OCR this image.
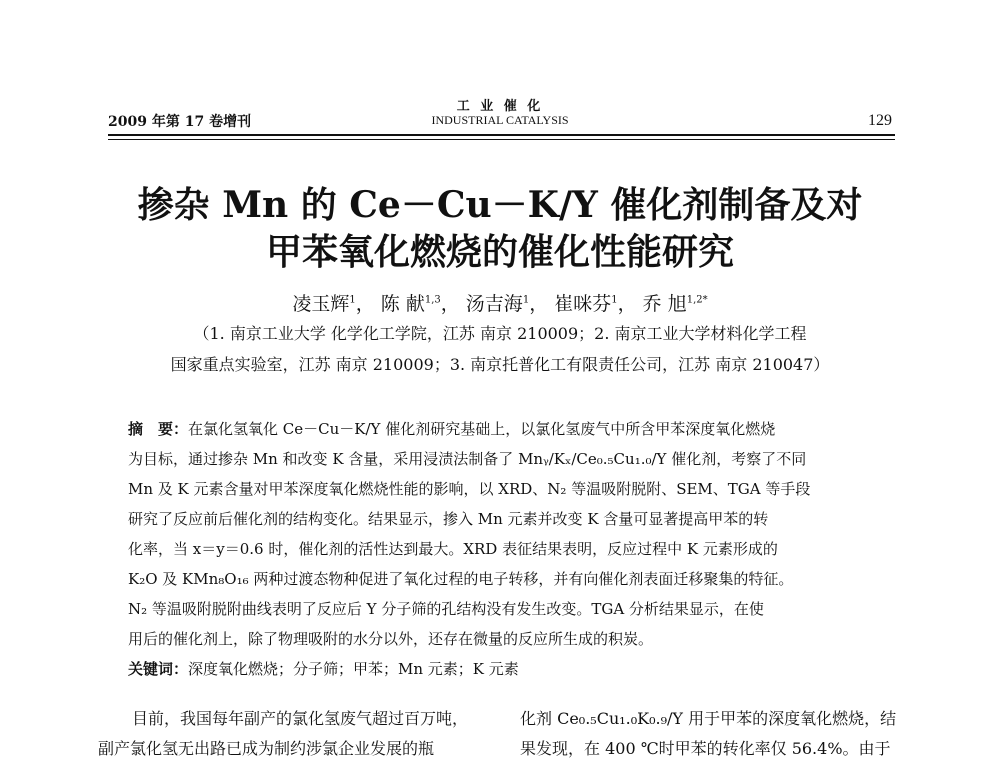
2009 年第 17 卷增刊
工 业 催 化
INDUSTRIAL CATALYSIS	129
掺杂 Mn 的 Ce－Cu－K/Y 催化剂制备及对
甲苯氧化燃烧的催化性能研究
凌玉辉$^1$， 陈 献$^{1,3}$， 汤吉海$^1$， 崔咪芬$^1$， 乔 旭$^{1,2*}$
（1. 南京工业大学 化学化工学院，江苏 南京 210009；2. 南京工业大学材料化学工程
国家重点实验室，江苏 南京 210009；3. 南京托普化工有限责任公司，江苏 南京 210047）

摘　要：在氯化氢氧化 Ce－Cu－K/Y 催化剂研究基础上，以氯化氢废气中所含甲苯深度氧化燃烧

为目标，通过掺杂 Mn 和改变 K 含量，采用浸渍法制备了 Mnᵧ/Kₓ/Ce₀.₅Cu₁.₀/Y 催化剂，考察了不同

Mn 及 K 元素含量对甲苯深度氧化燃烧性能的影响，以 XRD、N₂ 等温吸附脱附、SEM、TGA 等手段

研究了反应前后催化剂的结构变化。结果显示，掺入 Mn 元素并改变 K 含量可显著提高甲苯的转

化率，当 x＝y＝0.6 时，催化剂的活性达到最大。XRD 表征结果表明，反应过程中 K 元素形成的

K₂O 及 KMn₈O₁₆ 两种过渡态物种促进了氧化过程的电子转移，并有向催化剂表面迁移聚集的特征。

N₂ 等温吸附脱附曲线表明了反应后 Y 分子筛的孔结构没有发生改变。TGA 分析结果显示，在使

用后的催化剂上，除了物理吸附的水分以外，还存在微量的反应所生成的积炭。

关键词：深度氧化燃烧；分子筛；甲苯；Mn 元素；K 元素

目前，我国每年副产的氯化氢废气超过百万吨，

副产氯化氢无出路已成为制约涉氯企业发展的瓶

化剂 Ce₀.₅Cu₁.₀K₀.₉/Y 用于甲苯的深度氧化燃烧，结

果发现，在 400 ℃时甲苯的转化率仅 56.4%。由于
